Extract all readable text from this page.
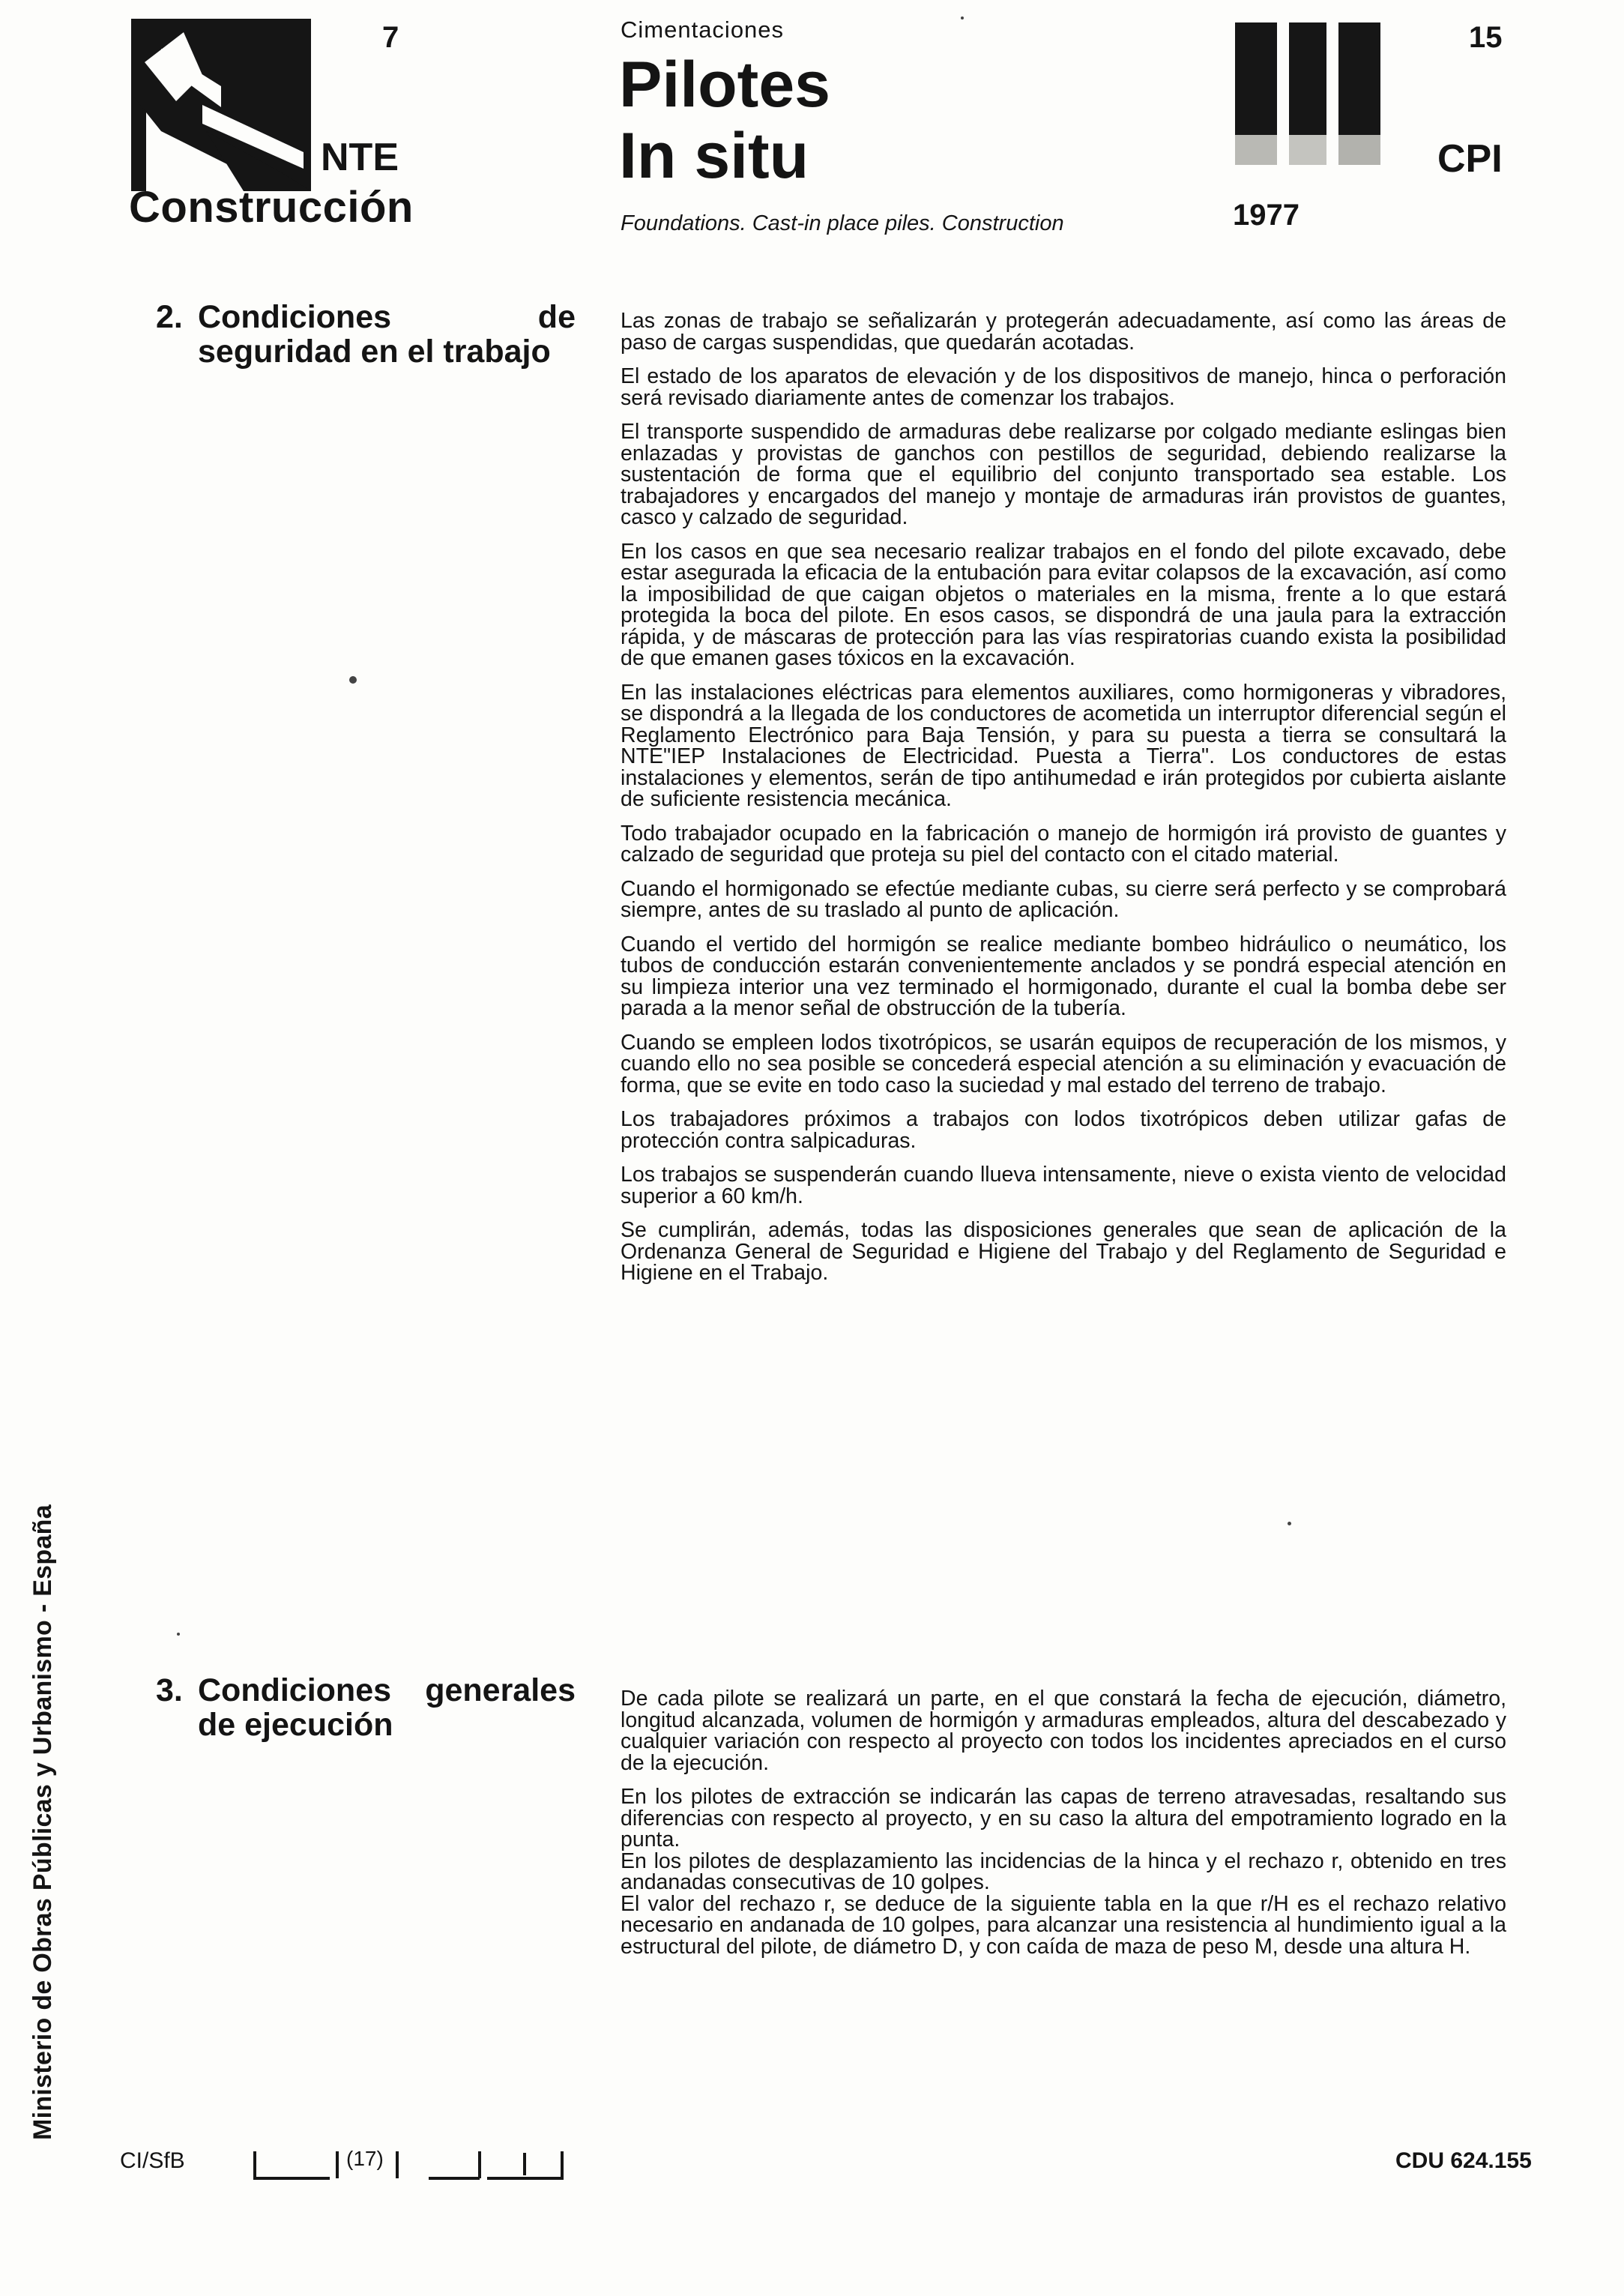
7
NTE
Construcción
Cimentaciones
Pilotes
In situ
Foundations. Cast-in place piles. Construction
15
CPI
1977
2. Condiciones de seguridad en el trabajo

Las zonas de trabajo se señalizarán y protegerán adecuadamente, así como las áreas de paso de cargas suspendidas, que quedarán acotadas.

El estado de los aparatos de elevación y de los dispositivos de manejo, hinca o perforación será revisado diariamente antes de comenzar los trabajos.

El transporte suspendido de armaduras debe realizarse por colgado mediante eslingas bien enlazadas y provistas de ganchos con pestillos de seguridad, debiendo realizarse la sustentación de forma que el equilibrio del conjunto transportado sea estable. Los trabajadores y encargados del manejo y montaje de armaduras irán provistos de guantes, casco y calzado de seguridad.

En los casos en que sea necesario realizar trabajos en el fondo del pilote excavado, debe estar asegurada la eficacia de la entubación para evitar colapsos de la excavación, así como la imposibilidad de que caigan objetos o materiales en la misma, frente a lo que estará protegida la boca del pilote. En esos casos, se dispondrá de una jaula para la extracción rápida, y de máscaras de protección para las vías respiratorias cuando exista la posibilidad de que emanen gases tóxicos en la excavación.

En las instalaciones eléctricas para elementos auxiliares, como hormigoneras y vibradores, se dispondrá a la llegada de los conductores de acometida un interruptor diferencial según el Reglamento Electrónico para Baja Tensión, y para su puesta a tierra se consultará la NTE"IEP Instalaciones de Electricidad. Puesta a Tierra". Los conductores de estas instalaciones y elementos, serán de tipo antihumedad e irán protegidos por cubierta aislante de suficiente resistencia mecánica.

Todo trabajador ocupado en la fabricación o manejo de hormigón irá provisto de guantes y calzado de seguridad que proteja su piel del contacto con el citado material.

Cuando el hormigonado se efectúe mediante cubas, su cierre será perfecto y se comprobará siempre, antes de su traslado al punto de aplicación.

Cuando el vertido del hormigón se realice mediante bombeo hidráulico o neumático, los tubos de conducción estarán convenientemente anclados y se pondrá especial atención en su limpieza interior una vez terminado el hormigonado, durante el cual la bomba debe ser parada a la menor señal de obstrucción de la tubería.

Cuando se empleen lodos tixotrópicos, se usarán equipos de recuperación de los mismos, y cuando ello no sea posible se concederá especial atención a su eliminación y evacuación de forma, que se evite en todo caso la suciedad y mal estado del terreno de trabajo.

Los trabajadores próximos a trabajos con lodos tixotrópicos deben utilizar gafas de protección contra salpicaduras.

Los trabajos se suspenderán cuando llueva intensamente, nieve o exista viento de velocidad superior a 60 km/h.

Se cumplirán, además, todas las disposiciones generales que sean de aplicación de la Ordenanza General de Seguridad e Higiene del Trabajo y del Reglamento de Seguridad e Higiene en el Trabajo.

3. Condiciones generales de ejecución

De cada pilote se realizará un parte, en el que constará la fecha de ejecución, diámetro, longitud alcanzada, volumen de hormigón y armaduras empleados, altura del descabezado y cualquier variación con respecto al proyecto con todos los incidentes apreciados en el curso de la ejecución.

En los pilotes de extracción se indicarán las capas de terreno atravesadas, resaltando sus diferencias con respecto al proyecto, y en su caso la altura del empotramiento logrado en la punta.

En los pilotes de desplazamiento las incidencias de la hinca y el rechazo r, obtenido en tres andanadas consecutivas de 10 golpes.

El valor del rechazo r, se deduce de la siguiente tabla en la que r/H es el rechazo relativo necesario en andanada de 10 golpes, para alcanzar una resistencia al hundimiento igual a la estructural del pilote, de diámetro D, y con caída de maza de peso M, desde una altura H.

Ministerio de Obras Públicas y Urbanismo - España
CI/SfB	(17)	CDU 624.155
